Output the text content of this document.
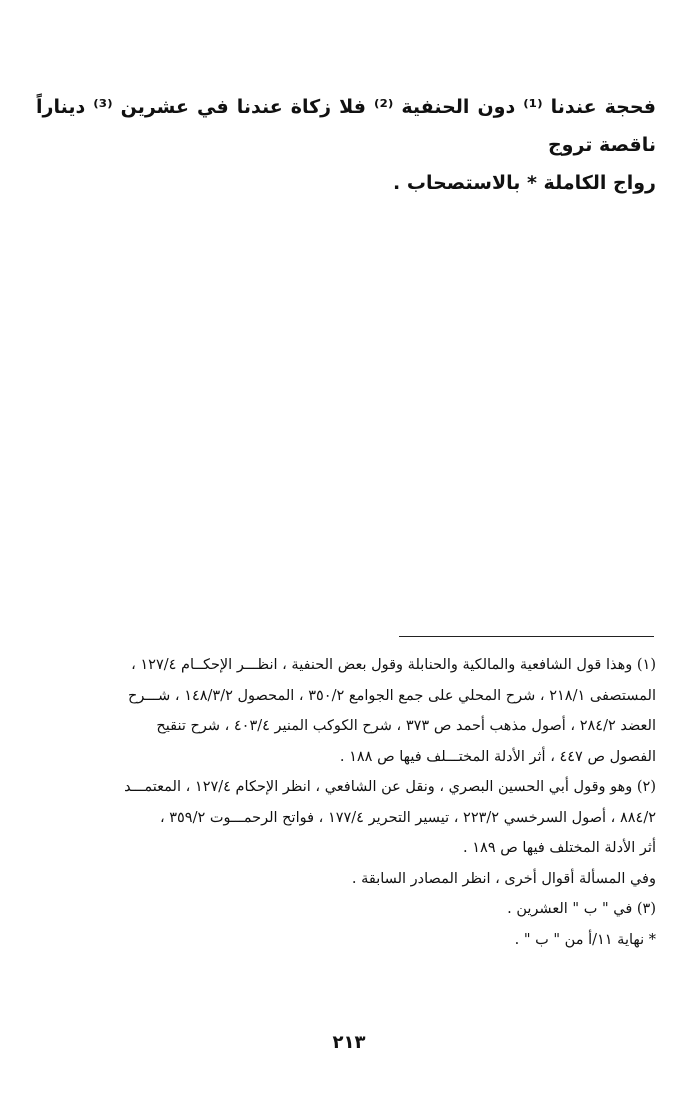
فحجة عندنا ⁽¹⁾ دون الحنفية ⁽²⁾ فلا زكاة عندنا في عشرين ⁽³⁾ ديناراً ناقصة تروج

رواج الكاملة * بالاستصحاب .

(١) وهذا قول الشافعية والمالكية والحنابلة وقول بعض الحنفية ، انظـــر الإحكــام ١٢٧/٤ ،

المستصفى ٢١٨/١ ، شرح المحلي على جمع الجوامع ٣٥٠/٢ ، المحصول ١٤٨/٣/٢ ، شـــرح

العضد ٢٨٤/٢ ، أصول مذهب أحمد ص ٣٧٣ ، شرح الكوكب المنير ٤٠٣/٤ ، شرح تنقيح

الفصول ص ٤٤٧ ، أثر الأدلة المختـــلف فيها ص ١٨٨ .

(٢) وهو وقول أبي الحسين البصري ، ونقل عن الشافعي ، انظر الإحكام ١٢٧/٤ ، المعتمـــد

٨٨٤/٢ ، أصول السرخسي ٢٢٣/٢ ، تيسير التحرير ١٧٧/٤ ، فواتح الرحمـــوت ٣٥٩/٢ ،

أثر الأدلة المختلف فيها ص ١٨٩ .

وفي المسألة أقوال أخرى ، انظر المصادر السابقة .

(٣) في " ب " العشرين .

* نهاية ١١/أ من " ب " .

٢١٣
